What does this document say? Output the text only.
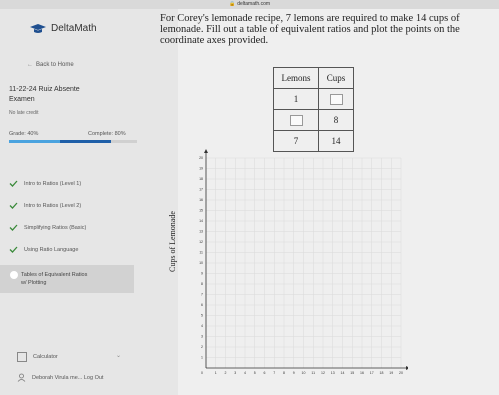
🔒 deltamath.com
DeltaMath
← Back to Home
11-22-24 Ruiz Absente
Examen
No late credit
Grade: 40%	Complete: 80%
Intro to Ratios (Level 1)
Intro to Ratios (Level 2)
Simplifying Ratios (Basic)
Using Ratio Language
Tables of Equivalent Ratios
w/ Plotting
Calculator	⌄
Deborah Virula me... Log Out
For Corey's lemonade recipe, 7 lemons are required to make 14 cups of lemonade. Fill out a table of equivalent ratios and plot the points on the coordinate axes provided.
Lemons	Cups
1	
	8
7	14
Cups of Lemonade
0	1 2 3 4 5 6 7 8 9 10 11 12 13 14 15 16 17 18 19 20
1
2
3
4
5
6
7
8
9
10
11
12
13
14
15
16
17
18
19
20
